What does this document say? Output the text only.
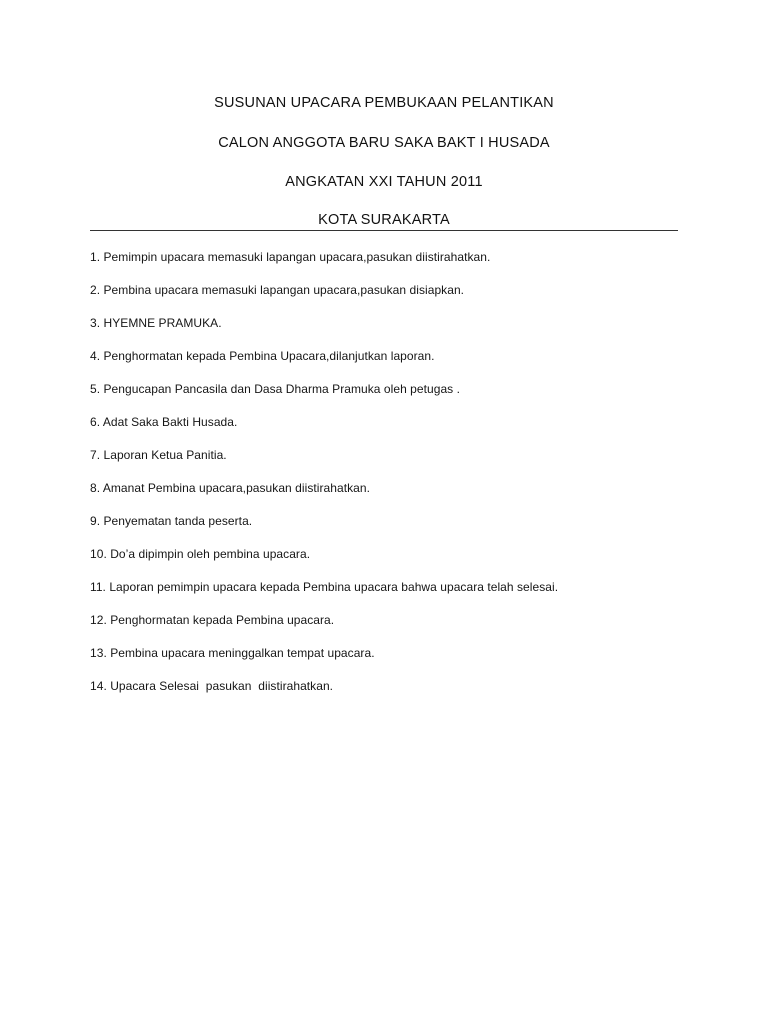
SUSUNAN UPACARA PEMBUKAAN PELANTIKAN
CALON ANGGOTA BARU SAKA BAKT I HUSADA
ANGKATAN XXI TAHUN 2011
KOTA SURAKARTA
1. Pemimpin upacara memasuki lapangan upacara,pasukan diistirahatkan.
2. Pembina upacara memasuki lapangan upacara,pasukan disiapkan.
3. HYEMNE PRAMUKA.
4. Penghormatan kepada Pembina Upacara,dilanjutkan laporan.
5. Pengucapan Pancasila dan Dasa Dharma Pramuka oleh petugas .
6. Adat Saka Bakti Husada.
7. Laporan Ketua Panitia.
8. Amanat Pembina upacara,pasukan diistirahatkan.
9. Penyematan tanda peserta.
10. Do’a dipimpin oleh pembina upacara.
11. Laporan pemimpin upacara kepada Pembina upacara bahwa upacara telah selesai.
12. Penghormatan kepada Pembina upacara.
13. Pembina upacara meninggalkan tempat upacara.
14. Upacara Selesai  pasukan  diistirahatkan.
